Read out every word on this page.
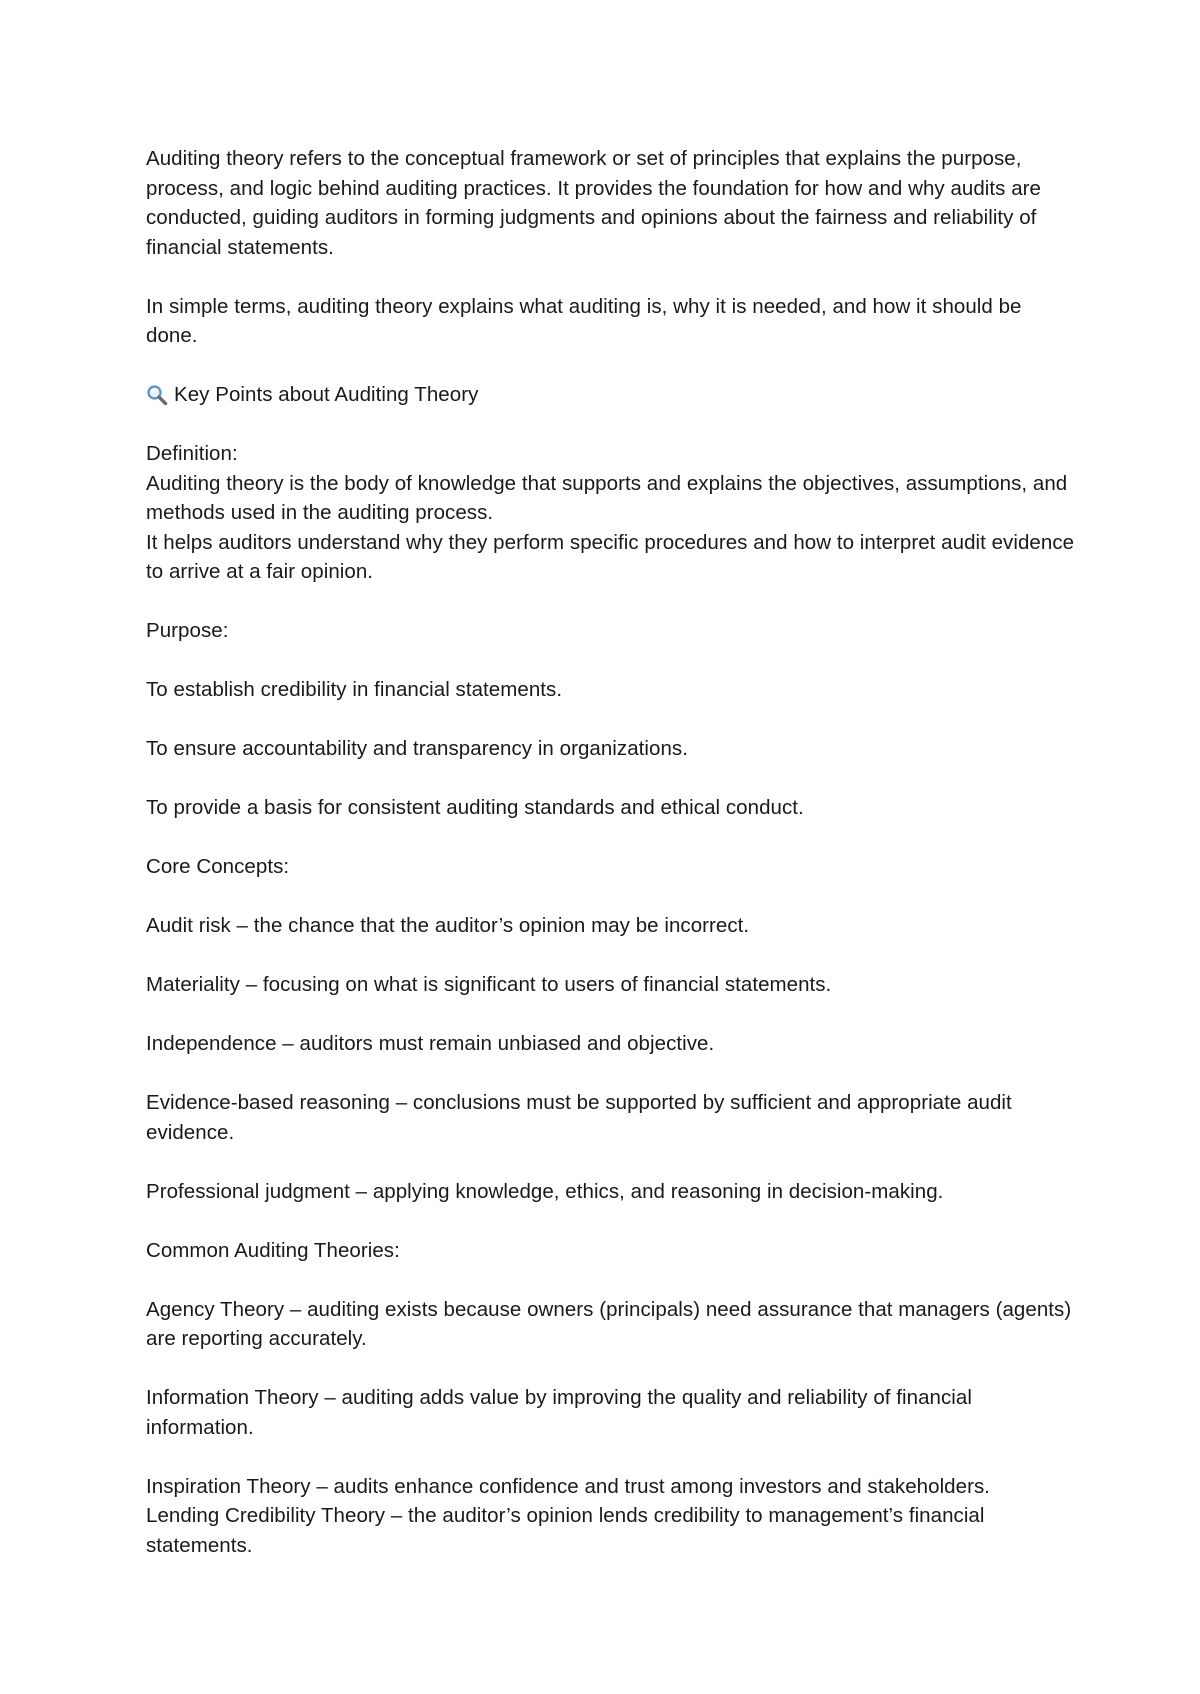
Auditing theory refers to the conceptual framework or set of principles that explains the purpose, process, and logic behind auditing practices. It provides the foundation for how and why audits are conducted, guiding auditors in forming judgments and opinions about the fairness and reliability of financial statements.

In simple terms, auditing theory explains what auditing is, why it is needed, and how it should be done.

Key Points about Auditing Theory
Definition:
Auditing theory is the body of knowledge that supports and explains the objectives, assumptions, and methods used in the auditing process.
It helps auditors understand why they perform specific procedures and how to interpret audit evidence to arrive at a fair opinion.

Purpose:

To establish credibility in financial statements.

To ensure accountability and transparency in organizations.

To provide a basis for consistent auditing standards and ethical conduct.

Core Concepts:

Audit risk – the chance that the auditor’s opinion may be incorrect.

Materiality – focusing on what is significant to users of financial statements.

Independence – auditors must remain unbiased and objective.

Evidence-based reasoning – conclusions must be supported by sufficient and appropriate audit evidence.

Professional judgment – applying knowledge, ethics, and reasoning in decision-making.

Common Auditing Theories:

Agency Theory – auditing exists because owners (principals) need assurance that managers (agents) are reporting accurately.

Information Theory – auditing adds value by improving the quality and reliability of financial information.

Inspiration Theory – audits enhance confidence and trust among investors and stakeholders.
Lending Credibility Theory – the auditor’s opinion lends credibility to management’s financial statements.
